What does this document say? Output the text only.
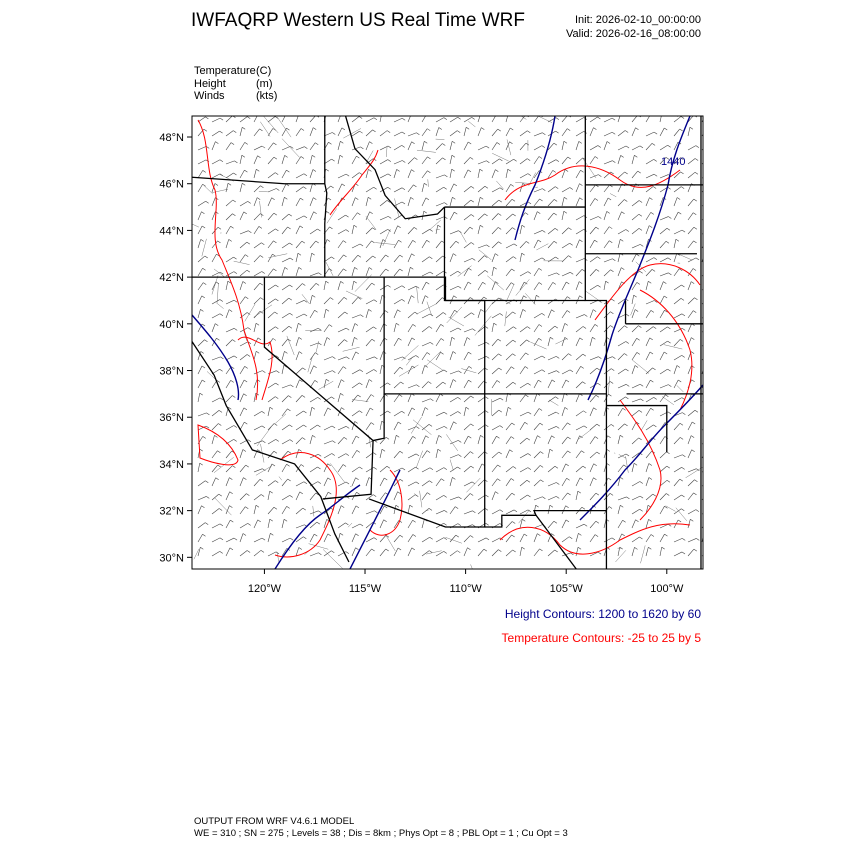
IWFAQRP Western US Real Time WRF	Init: 2026-02-10_00:00:00
Valid: 2026-02-16_08:00:00
Temperature(C)
Height	(m)
Winds	(kts)
1440
48°N
46°N
44°N
42°N
40°N
38°N
36°N
34°N
32°N
30°N
120°W	115°W	110°W	105°W	100°W
Height Contours: 1200 to 1620 by 60
Temperature Contours: -25 to 25 by 5
OUTPUT FROM WRF V4.6.1 MODEL
WE = 310 ; SN = 275 ; Levels = 38 ; Dis = 8km ; Phys Opt = 8 ; PBL Opt = 1 ; Cu Opt = 3
